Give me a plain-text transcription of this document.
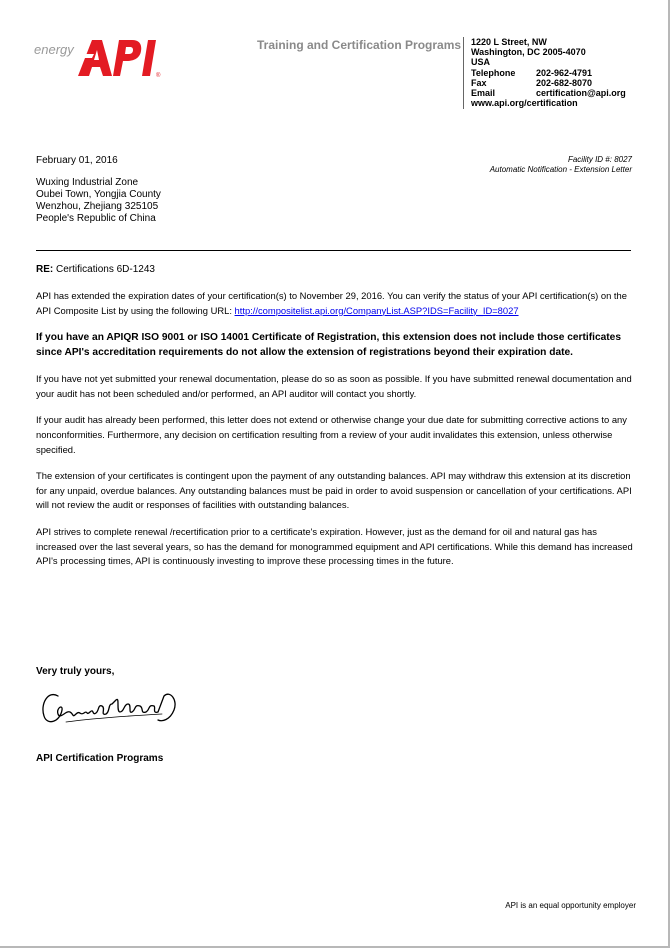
energy
®
Training and Certification Programs 1220 L Street, NW
Washington, DC 2005-4070
USA
Telephone	202-962-4791
Fax	202-682-8070
Email	certification@api.org
www.api.org/certification
February 01, 2016	Facility ID #: 8027
Automatic Notification - Extension Letter
Wuxing Industrial Zone
Oubei Town, Yongjia County
Wenzhou, Zhejiang 325105
People's Republic of China
RE: Certifications 6D-1243

API has extended the expiration dates of your certification(s) to November 29, 2016. You can verify the status of your API certification(s) on the API Composite List by using the following URL: http://compositelist.api.org/CompanyList.ASP?IDS=Facility_ID=8027

If you have an APIQR ISO 9001 or ISO 14001 Certificate of Registration, this extension does not include those certificates since API's accreditation requirements do not allow the extension of registrations beyond their expiration date.

If you have not yet submitted your renewal documentation, please do so as soon as possible. If you have submitted renewal documentation and your audit has not been scheduled and/or performed, an API auditor will contact you shortly.

If your audit has already been performed, this letter does not extend or otherwise change your due date for submitting corrective actions to any nonconformities. Furthermore, any decision on certification resulting from a review of your audit invalidates this extension, unless otherwise specified.

The extension of your certificates is contingent upon the payment of any outstanding balances. API may withdraw this extension at its discretion for any unpaid, overdue balances. Any outstanding balances must be paid in order to avoid suspension or cancellation of your certifications. API will not review the audit or responses of facilities with outstanding balances.

API strives to complete renewal /recertification prior to a certificate's expiration. However, just as the demand for oil and natural gas has increased over the last several years, so has the demand for monogrammed equipment and API certifications. While this demand has increased API's processing times, API is continuously investing to improve these processing times in the future.

Very truly yours,
API Certification Programs
API is an equal opportunity employer
